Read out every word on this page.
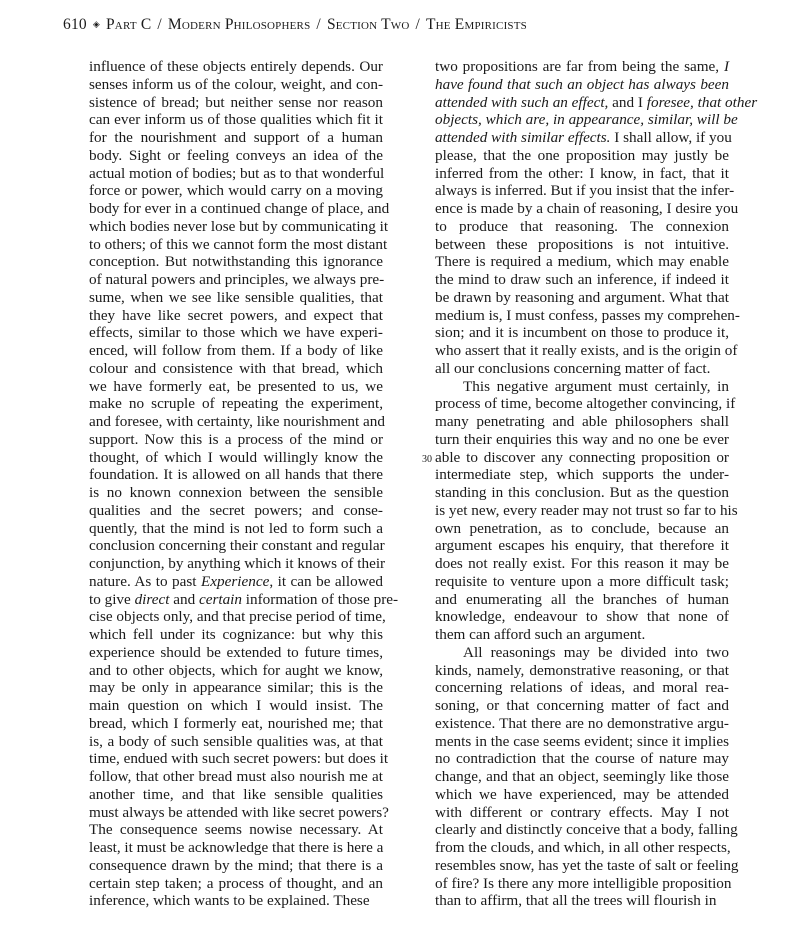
610 ◈ Part C / Modern Philosophers / Section Two / The Empiricists
influence of these objects entirely depends. Our
senses inform us of the colour, weight, and con-
sistence of bread; but neither sense nor reason
can ever inform us of those qualities which fit it
for the nourishment and support of a human
body. Sight or feeling conveys an idea of the
actual motion of bodies; but as to that wonderful
force or power, which would carry on a moving
body for ever in a continued change of place, and
which bodies never lose but by communicating it
to others; of this we cannot form the most distant
conception. But notwithstanding this ignorance
of natural powers and principles, we always pre-
sume, when we see like sensible qualities, that
they have like secret powers, and expect that
effects, similar to those which we have experi-
enced, will follow from them. If a body of like
colour and consistence with that bread, which
we have formerly eat, be presented to us, we
make no scruple of repeating the experiment,
and foresee, with certainty, like nourishment and
support. Now this is a process of the mind or
thought, of which I would willingly know the
foundation. It is allowed on all hands that there
is no known connexion between the sensible
qualities and the secret powers; and conse-
quently, that the mind is not led to form such a
conclusion concerning their constant and regular
conjunction, by anything which it knows of their
nature. As to past Experience, it can be allowed
to give direct and certain information of those pre-
cise objects only, and that precise period of time,
which fell under its cognizance: but why this
experience should be extended to future times,
and to other objects, which for aught we know,
may be only in appearance similar; this is the
main question on which I would insist. The
bread, which I formerly eat, nourished me; that
is, a body of such sensible qualities was, at that
time, endued with such secret powers: but does it
follow, that other bread must also nourish me at
another time, and that like sensible qualities
must always be attended with like secret powers?
The consequence seems nowise necessary. At
least, it must be acknowledge that there is here a
consequence drawn by the mind; that there is a
certain step taken; a process of thought, and an
inference, which wants to be explained. These
two propositions are far from being the same, I
have found that such an object has always been
attended with such an effect, and I foresee, that other
objects, which are, in appearance, similar, will be
attended with similar effects. I shall allow, if you
please, that the one proposition may justly be
inferred from the other: I know, in fact, that it
always is inferred. But if you insist that the infer-
ence is made by a chain of reasoning, I desire you
to produce that reasoning. The connexion
between these propositions is not intuitive.
There is required a medium, which may enable
the mind to draw such an inference, if indeed it
be drawn by reasoning and argument. What that
medium is, I must confess, passes my comprehen-
sion; and it is incumbent on those to produce it,
who assert that it really exists, and is the origin of
all our conclusions concerning matter of fact.
This negative argument must certainly, in
process of time, become altogether convincing, if
many penetrating and able philosophers shall
turn their enquiries this way and no one be ever
able to discover any connecting proposition or
intermediate step, which supports the under-
standing in this conclusion. But as the question
is yet new, every reader may not trust so far to his
own penetration, as to conclude, because an
argument escapes his enquiry, that therefore it
does not really exist. For this reason it may be
requisite to venture upon a more difficult task;
and enumerating all the branches of human
knowledge, endeavour to show that none of
them can afford such an argument.
All reasonings may be divided into two
kinds, namely, demonstrative reasoning, or that
concerning relations of ideas, and moral rea-
soning, or that concerning matter of fact and
existence. That there are no demonstrative argu-
ments in the case seems evident; since it implies
no contradiction that the course of nature may
change, and that an object, seemingly like those
which we have experienced, may be attended
with different or contrary effects. May I not
clearly and distinctly conceive that a body, falling
from the clouds, and which, in all other respects,
resembles snow, has yet the taste of salt or feeling
of fire? Is there any more intelligible proposition
than to affirm, that all the trees will flourish in
30
